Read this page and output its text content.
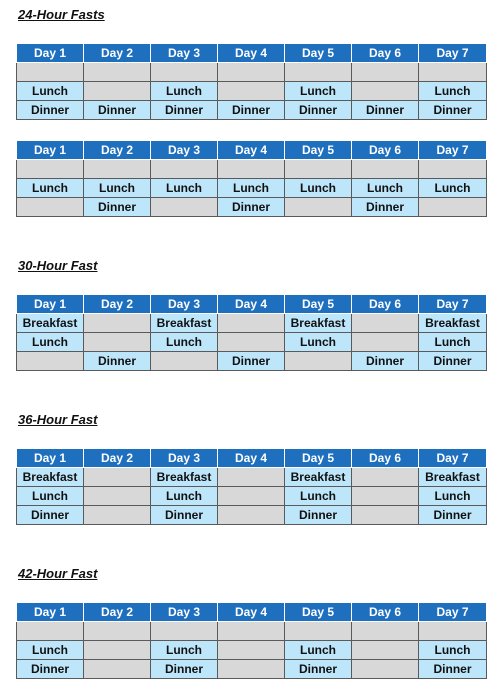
24-Hour Fasts
Day 1	Day 2	Day 3	Day 4	Day 5	Day 6	Day 7

Lunch		Lunch		Lunch		Lunch
Dinner	Dinner	Dinner	Dinner	Dinner	Dinner	Dinner
Day 1	Day 2	Day 3	Day 4	Day 5	Day 6	Day 7

Lunch	Lunch	Lunch	Lunch	Lunch	Lunch	Lunch
	Dinner		Dinner		Dinner	
30-Hour Fast
Day 1	Day 2	Day 3	Day 4	Day 5	Day 6	Day 7
Breakfast		Breakfast		Breakfast		Breakfast
Lunch		Lunch		Lunch		Lunch
	Dinner		Dinner		Dinner	Dinner
36-Hour Fast
Day 1	Day 2	Day 3	Day 4	Day 5	Day 6	Day 7
Breakfast		Breakfast		Breakfast		Breakfast
Lunch		Lunch		Lunch		Lunch
Dinner		Dinner		Dinner		Dinner
42-Hour Fast
Day 1	Day 2	Day 3	Day 4	Day 5	Day 6	Day 7

Lunch		Lunch		Lunch		Lunch
Dinner		Dinner		Dinner		Dinner
